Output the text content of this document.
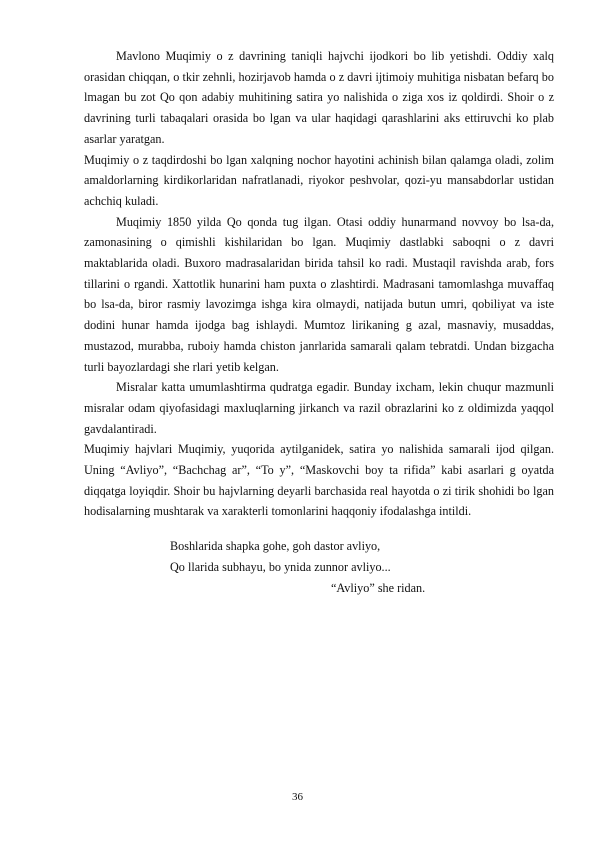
Mavlono Muqimiy o z davrining taniqli hajvchi ijodkori bo lib yetishdi. Oddiy xalq orasidan chiqqan, o tkir zehnli, hozirjavob hamda o z davri ijtimoiy muhitiga nisbatan befarq bo lmagan bu zot Qo qon adabiy muhitining satira yo nalishida o ziga xos iz qoldirdi. Shoir o z davrining turli tabaqalari orasida bo lgan va ular haqidagi qarashlarini aks ettiruvchi ko plab asarlar yaratgan.

Muqimiy o z taqdirdoshi bo lgan xalqning nochor hayotini achinish bilan qalamga oladi, zolim amaldorlarning kirdikorlaridan nafratlanadi, riyokor peshvolar, qozi-yu mansabdorlar ustidan achchiq kuladi.

Muqimiy 1850 yilda Qo qonda tug ilgan. Otasi oddiy hunarmand novvoy bo lsa-da, zamonasining o qimishli kishilaridan bo lgan. Muqimiy dastlabki saboqni o z davri maktablarida oladi. Buxoro madrasalaridan birida tahsil ko radi. Mustaqil ravishda arab, fors tillarini o rgandi. Xattotlik hunarini ham puxta o zlashtirdi. Madrasani tamomlashga muvaffaq bo lsa-da, biror rasmiy lavozimga ishga kira olmaydi, natijada butun umri, qobiliyat va iste dodini hunar hamda ijodga bag ishlaydi. Mumtoz lirikaning g azal, masnaviy, musaddas, mustazod, murabba, ruboiy hamda chiston janrlarida samarali qalam tebratdi. Undan bizgacha turli bayozlardagi she rlari yetib kelgan.

Misralar katta umumlashtirma qudratga egadir. Bunday ixcham, lekin chuqur mazmunli misralar odam qiyofasidagi maxluqlarning jirkanch va razil obrazlarini ko z oldimizda yaqqol gavdalantiradi.

Muqimiy hajvlari Muqimiy, yuqorida aytilganidek, satira yo nalishida samarali ijod qilgan. Uning “Avliyo”, “Bachchag ar”, “To y”, “Maskovchi boy ta rifida” kabi asarlari g oyatda diqqatga loyiqdir. Shoir bu hajvlarning deyarli barchasida real hayotda o zi tirik shohidi bo lgan hodisalarning mushtarak va xarakterli tomonlarini haqqoniy ifodalashga intildi.

Boshlarida shapka gohe, goh dastor avliyo,

Qo llarida subhayu, bo ynida zunnor avliyo...

“Avliyo” she ridan.

36
